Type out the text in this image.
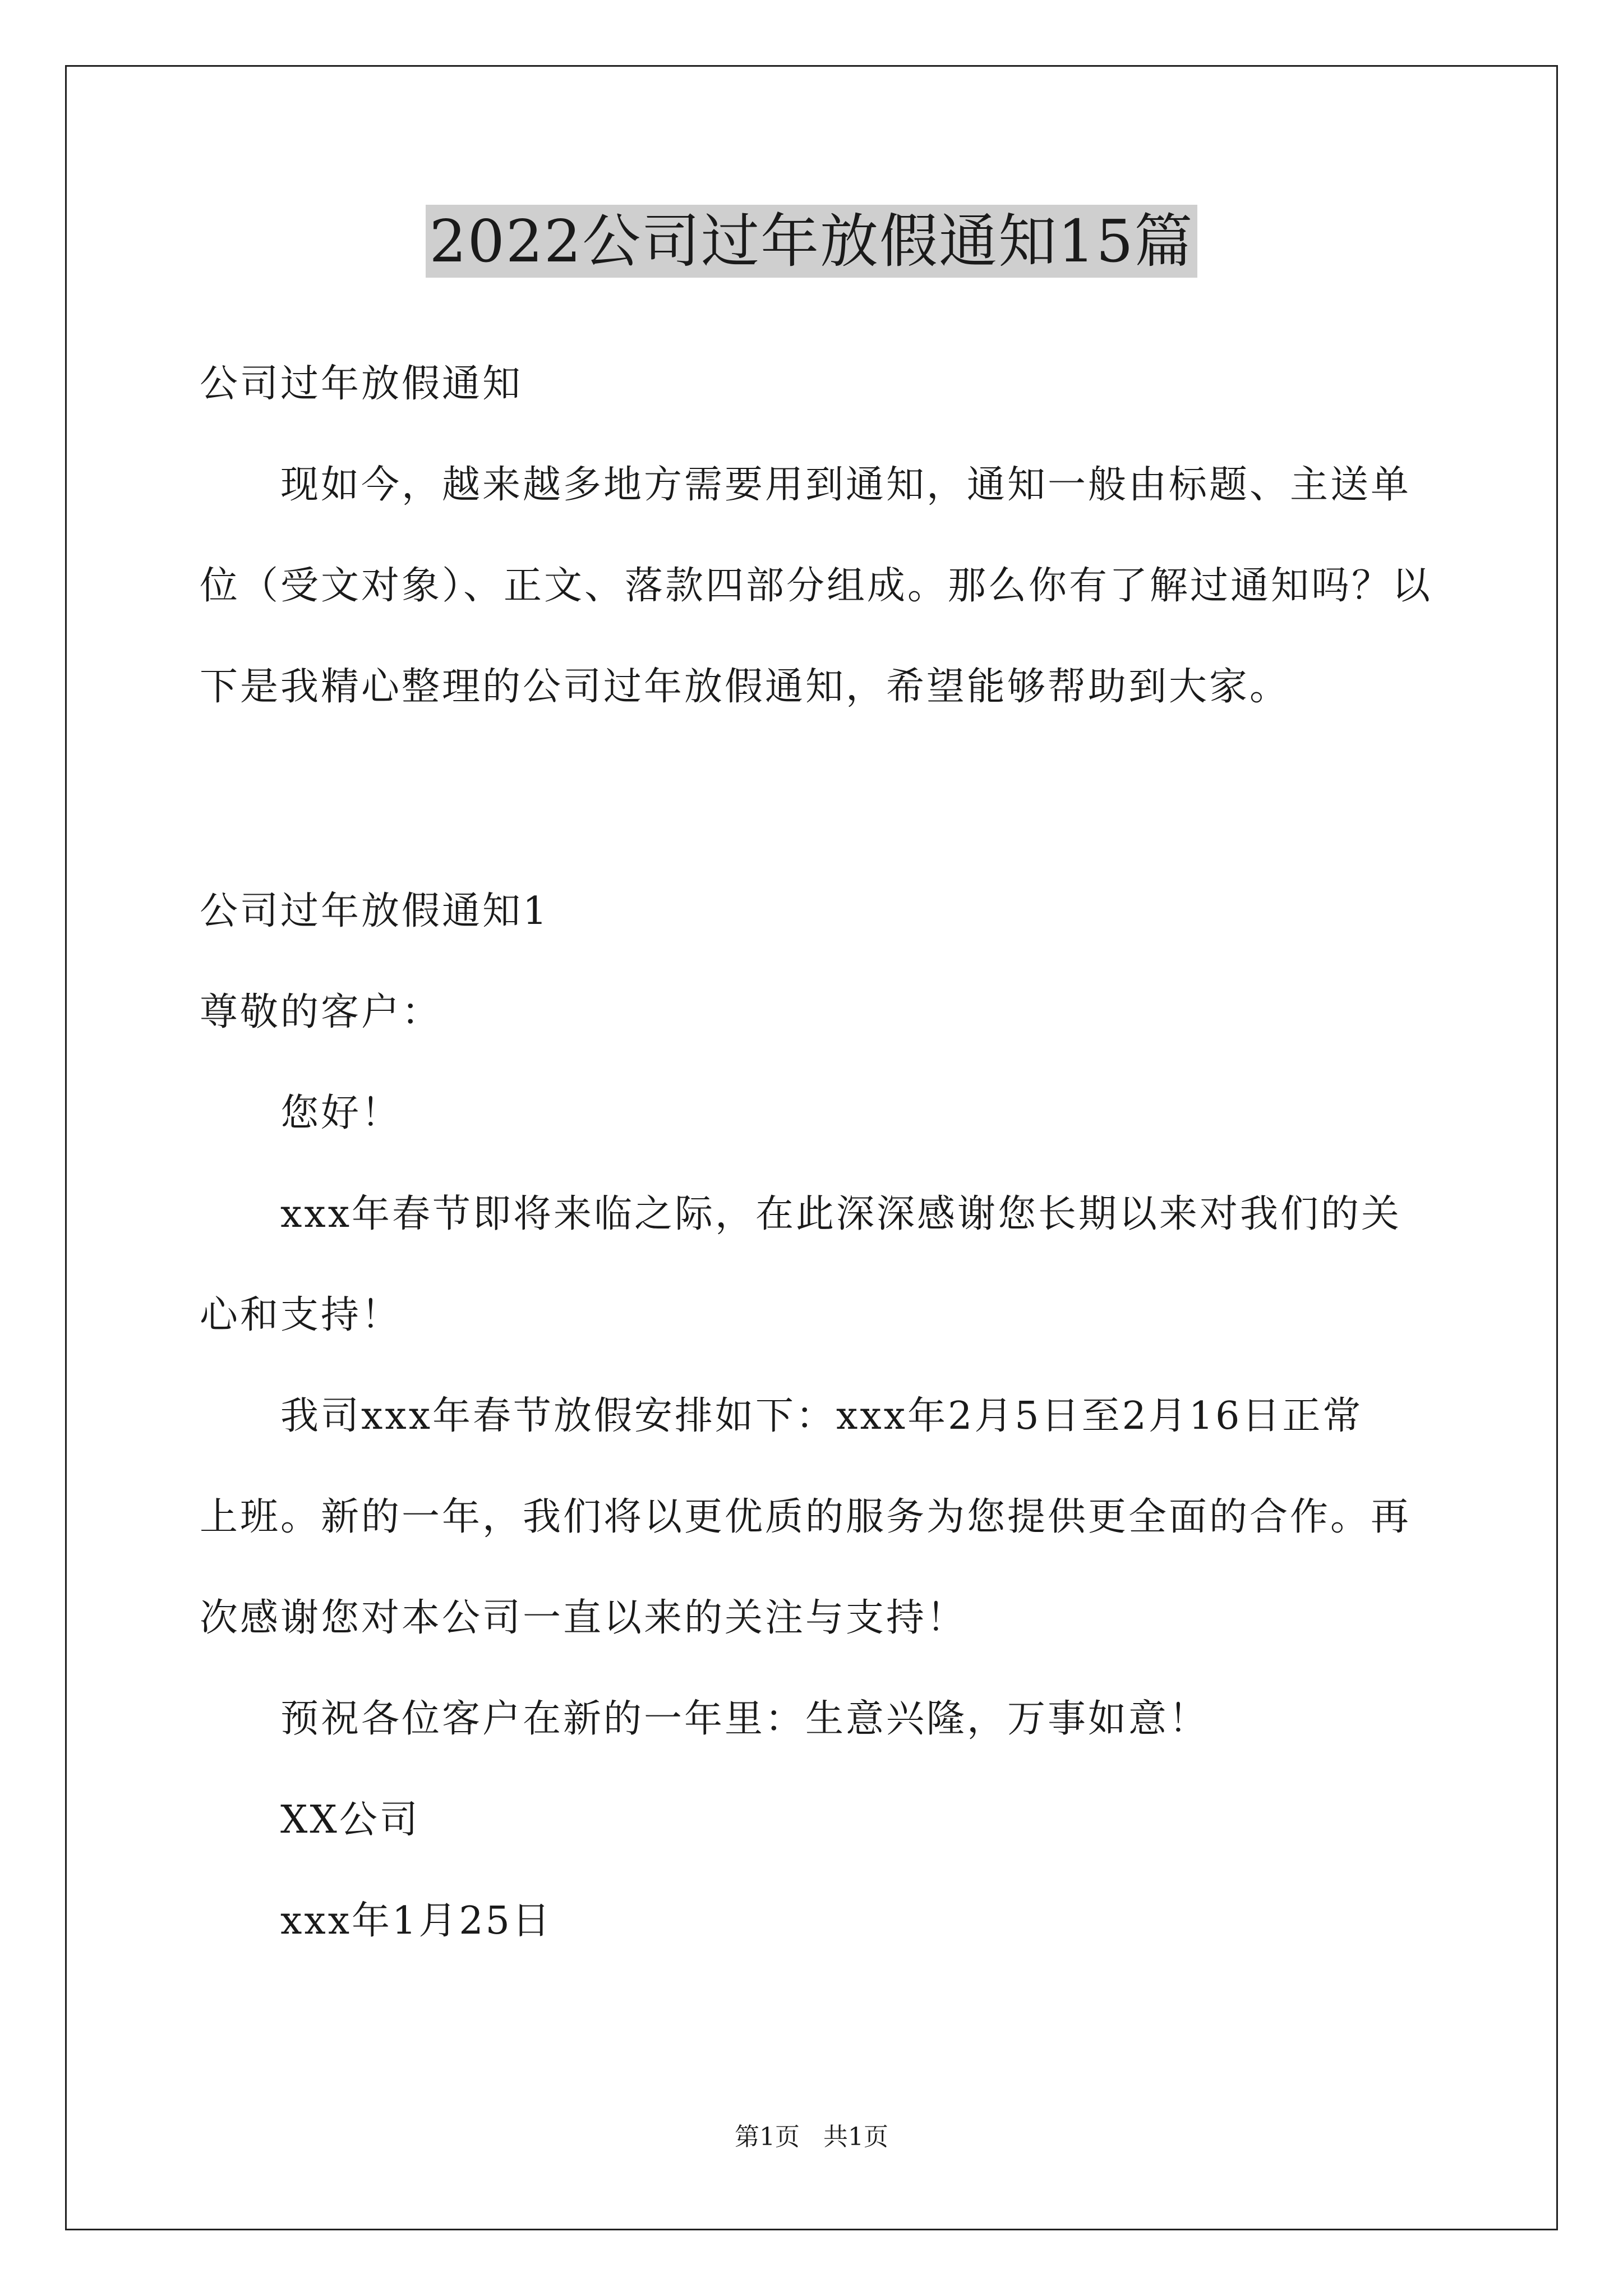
2022公司过年放假通知15篇
公司过年放假通知
现如今，越来越多地方需要用到通知，通知一般由标题、主送单
位（受文对象）、正文、落款四部分组成。那么你有了解过通知吗？以
下是我精心整理的公司过年放假通知，希望能够帮助到大家。
公司过年放假通知1
尊敬的客户：
您好！
xxx年春节即将来临之际，在此深深感谢您长期以来对我们的关
心和支持！
我司xxx年春节放假安排如下：xxx年2月5日至2月16日正常
上班。新的一年，我们将以更优质的服务为您提供更全面的合作。再
次感谢您对本公司一直以来的关注与支持！
预祝各位客户在新的一年里：生意兴隆，万事如意！
XX公司
xxx年1月25日
第1页   共1页
